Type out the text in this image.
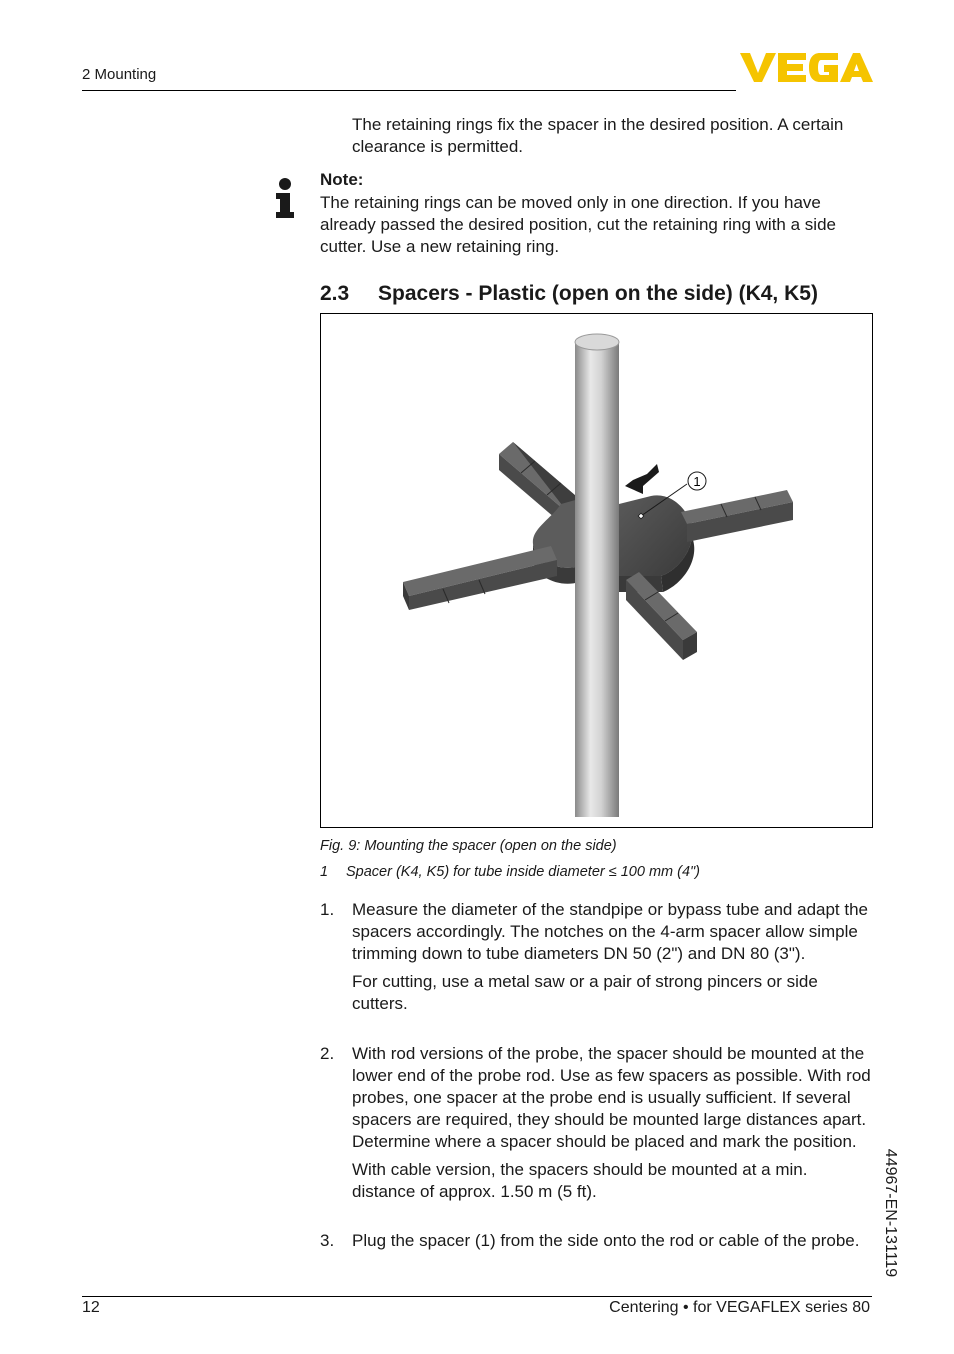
2 Mounting
The retaining rings fix the spacer in the desired position. A certain clearance is permitted.
Note:
The retaining rings can be moved only in one direction. If you have already passed the desired position, cut the retaining ring with a side cutter. Use a new retaining ring.
2.3 Spacers - Plastic (open on the side) (K4, K5)
1
Fig. 9: Mounting the spacer (open on the side)
1 Spacer (K4, K5) for tube inside diameter ≤ 100 mm (4")
1. Measure the diameter of the standpipe or bypass tube and adapt the spacers accordingly. The notches on the 4-arm spacer allow simple trimming down to tube diameters DN 50 (2") and DN 80 (3").
For cutting, use a metal saw or a pair of strong pincers or side cutters.
2. With rod versions of the probe, the spacer should be mounted at the lower end of the probe rod. Use as few spacers as possible. With rod probes, one spacer at the probe end is usually sufficient. If several spacers are required, they should be mounted large distances apart. Determine where a spacer should be placed and mark the position.
With cable version, the spacers should be mounted at a min. distance of approx. 1.50 m (5 ft).
3. Plug the spacer (1) from the side onto the rod or cable of the probe.	44967-EN-131119
12	Centering • for VEGAFLEX series 80
